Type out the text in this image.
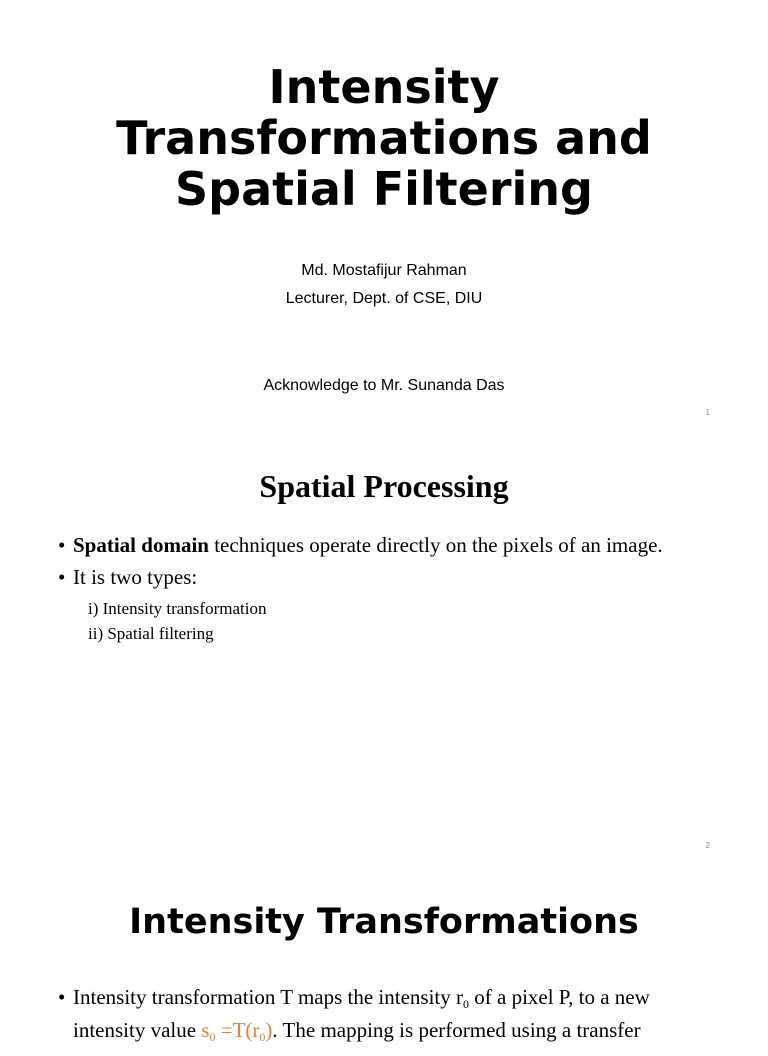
Intensity
Transformations and
Spatial Filtering

Md. Mostafijur Rahman

Lecturer, Dept. of CSE, DIU

Acknowledge to Mr. Sunanda Das

1
Spatial Processing
• Spatial domain techniques operate directly on the pixels of an image.
• It is two types:
i) Intensity transformation
ii) Spatial filtering
2
Intensity Transformations
• Intensity transformation T maps the intensity $r_0$ of a pixel P, to a new intensity value $s_0 =T(r_0)$. The mapping is performed using a transfer
